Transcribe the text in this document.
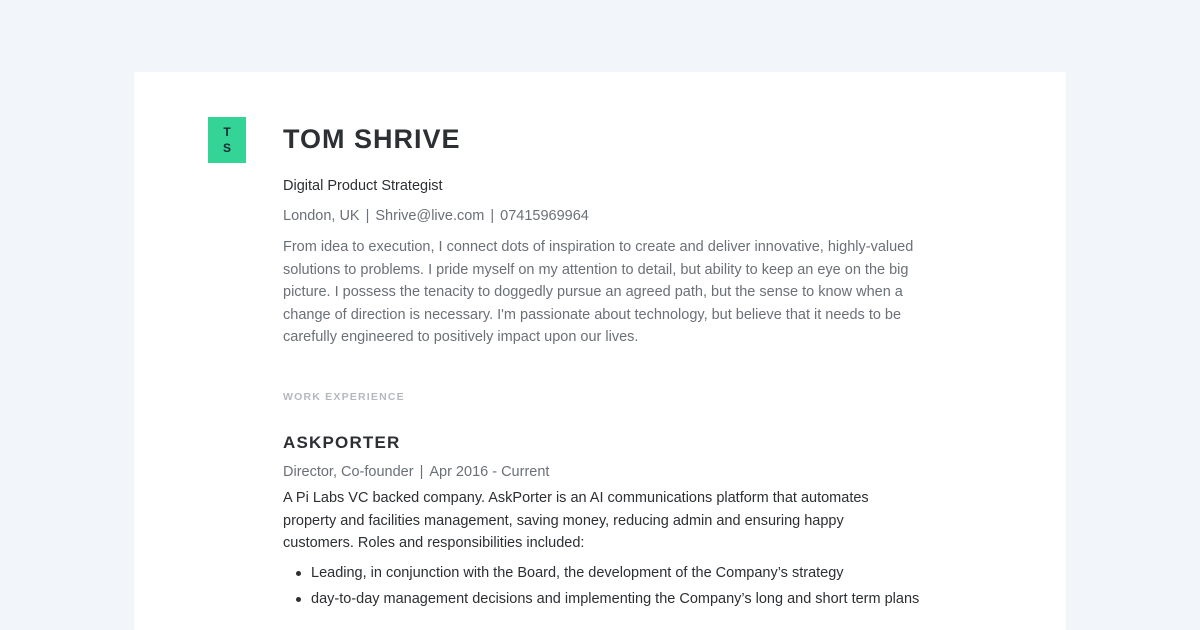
T
S TOM SHRIVE
Digital Product Strategist
London, UK | Shrive@live.com | 07415969964

From idea to execution, I connect dots of inspiration to create and deliver innovative, highly-valued solutions to problems. I pride myself on my attention to detail, but ability to keep an eye on the big picture. I possess the tenacity to doggedly pursue an agreed path, but the sense to know when a change of direction is necessary. I'm passionate about technology, but believe that it needs to be carefully engineered to positively impact upon our lives.

WORK EXPERIENCE
ASKPORTER
Director, Co-founder | Apr 2016 - Current

A Pi Labs VC backed company. AskPorter is an AI communications platform that automates property and facilities management, saving money, reducing admin and ensuring happy customers. Roles and responsibilities included:

Leading, in conjunction with the Board, the development of the Company’s strategy
day-to-day management decisions and implementing the Company’s long and short term plans
